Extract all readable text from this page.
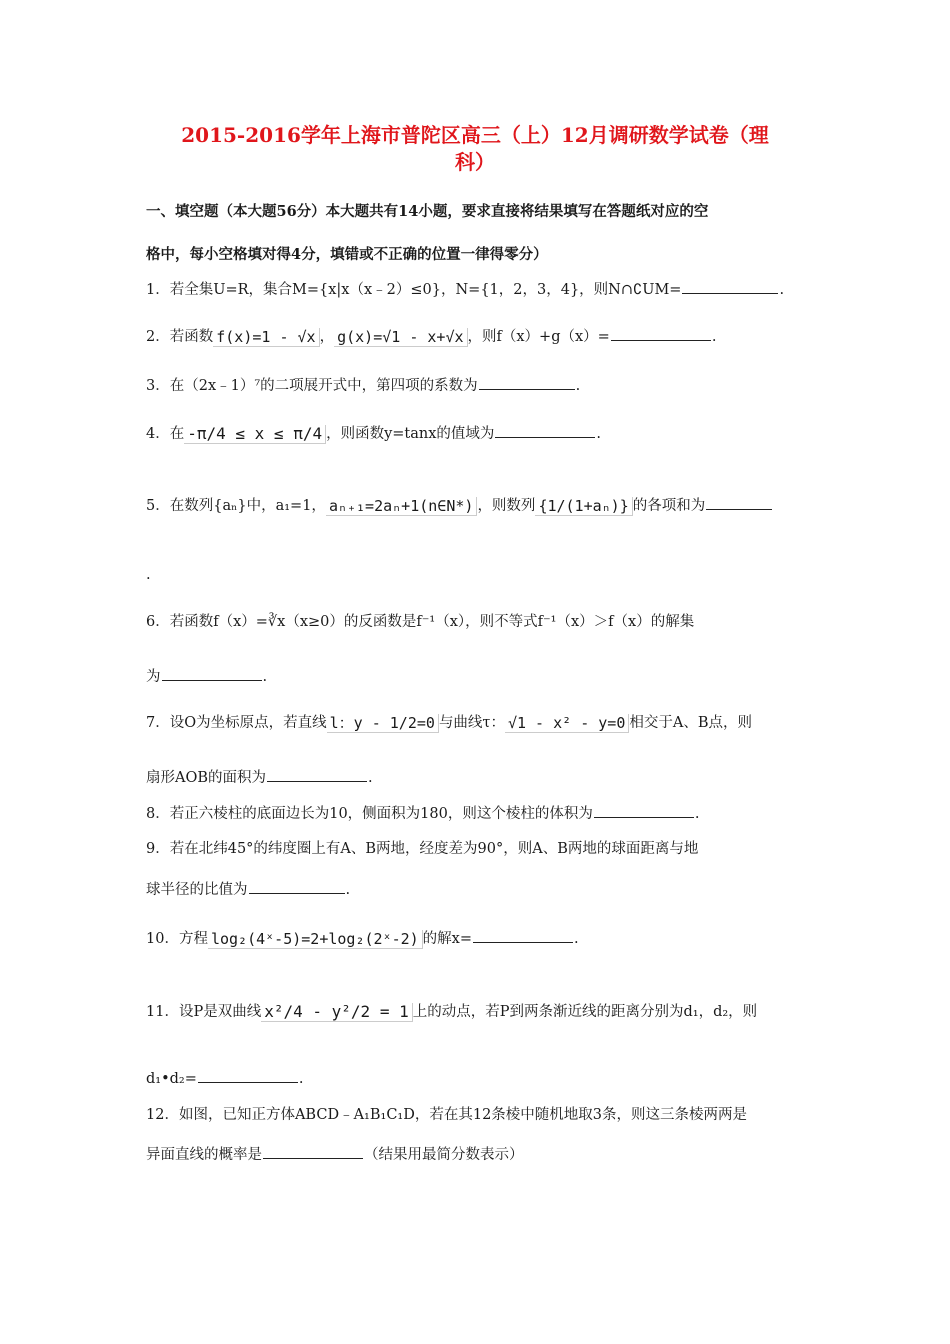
2015-2016学年上海市普陀区高三（上）12月调研数学试卷（理
科）
一、填空题（本大题56分）本大题共有14小题，要求直接将结果填写在答题纸对应的空
格中，每小空格填对得4分，填错或不正确的位置一律得零分）
1．若全集U=R，集合M={x|x（x﹣2）≤0}，N={1，2，3，4}，则N∩∁UM=	.
2．若函数 f(x)=1 - √x ， g(x)=√1 - x+√x ，则f（x）+g（x）=	.
3．在（2x﹣1）⁷的二项展开式中，第四项的系数为	.
4．在 -π/4 ≤ x ≤ π/4 ，则函数y=tanx的值域为	.
5．在数列{aₙ}中，a₁=1， aₙ₊₁=2aₙ+1(n∈N*) ，则数列 {1/(1+aₙ)} 的各项和为
.
6．若函数f（x）=∛x（x≥0）的反函数是f⁻¹（x），则不等式f⁻¹（x）＞f（x）的解集
为	.
7．设O为坐标原点，若直线 l：y - 1/2=0 与曲线τ： √1 - x² - y=0 相交于A、B点，则
扇形AOB的面积为	.
8．若正六棱柱的底面边长为10，侧面积为180，则这个棱柱的体积为	.
9．若在北纬45°的纬度圈上有A、B两地，经度差为90°，则A、B两地的球面距离与地
球半径的比值为	.
10．方程 log₂(4ˣ-5)=2+log₂(2ˣ-2) 的解x=	.
11．设P是双曲线 x²/4 - y²/2 = 1 上的动点，若P到两条渐近线的距离分别为d₁，d₂，则
d₁•d₂=	.
12．如图，已知正方体ABCD﹣A₁B₁C₁D，若在其12条棱中随机地取3条，则这三条棱两两是
异面直线的概率是	（结果用最简分数表示）
